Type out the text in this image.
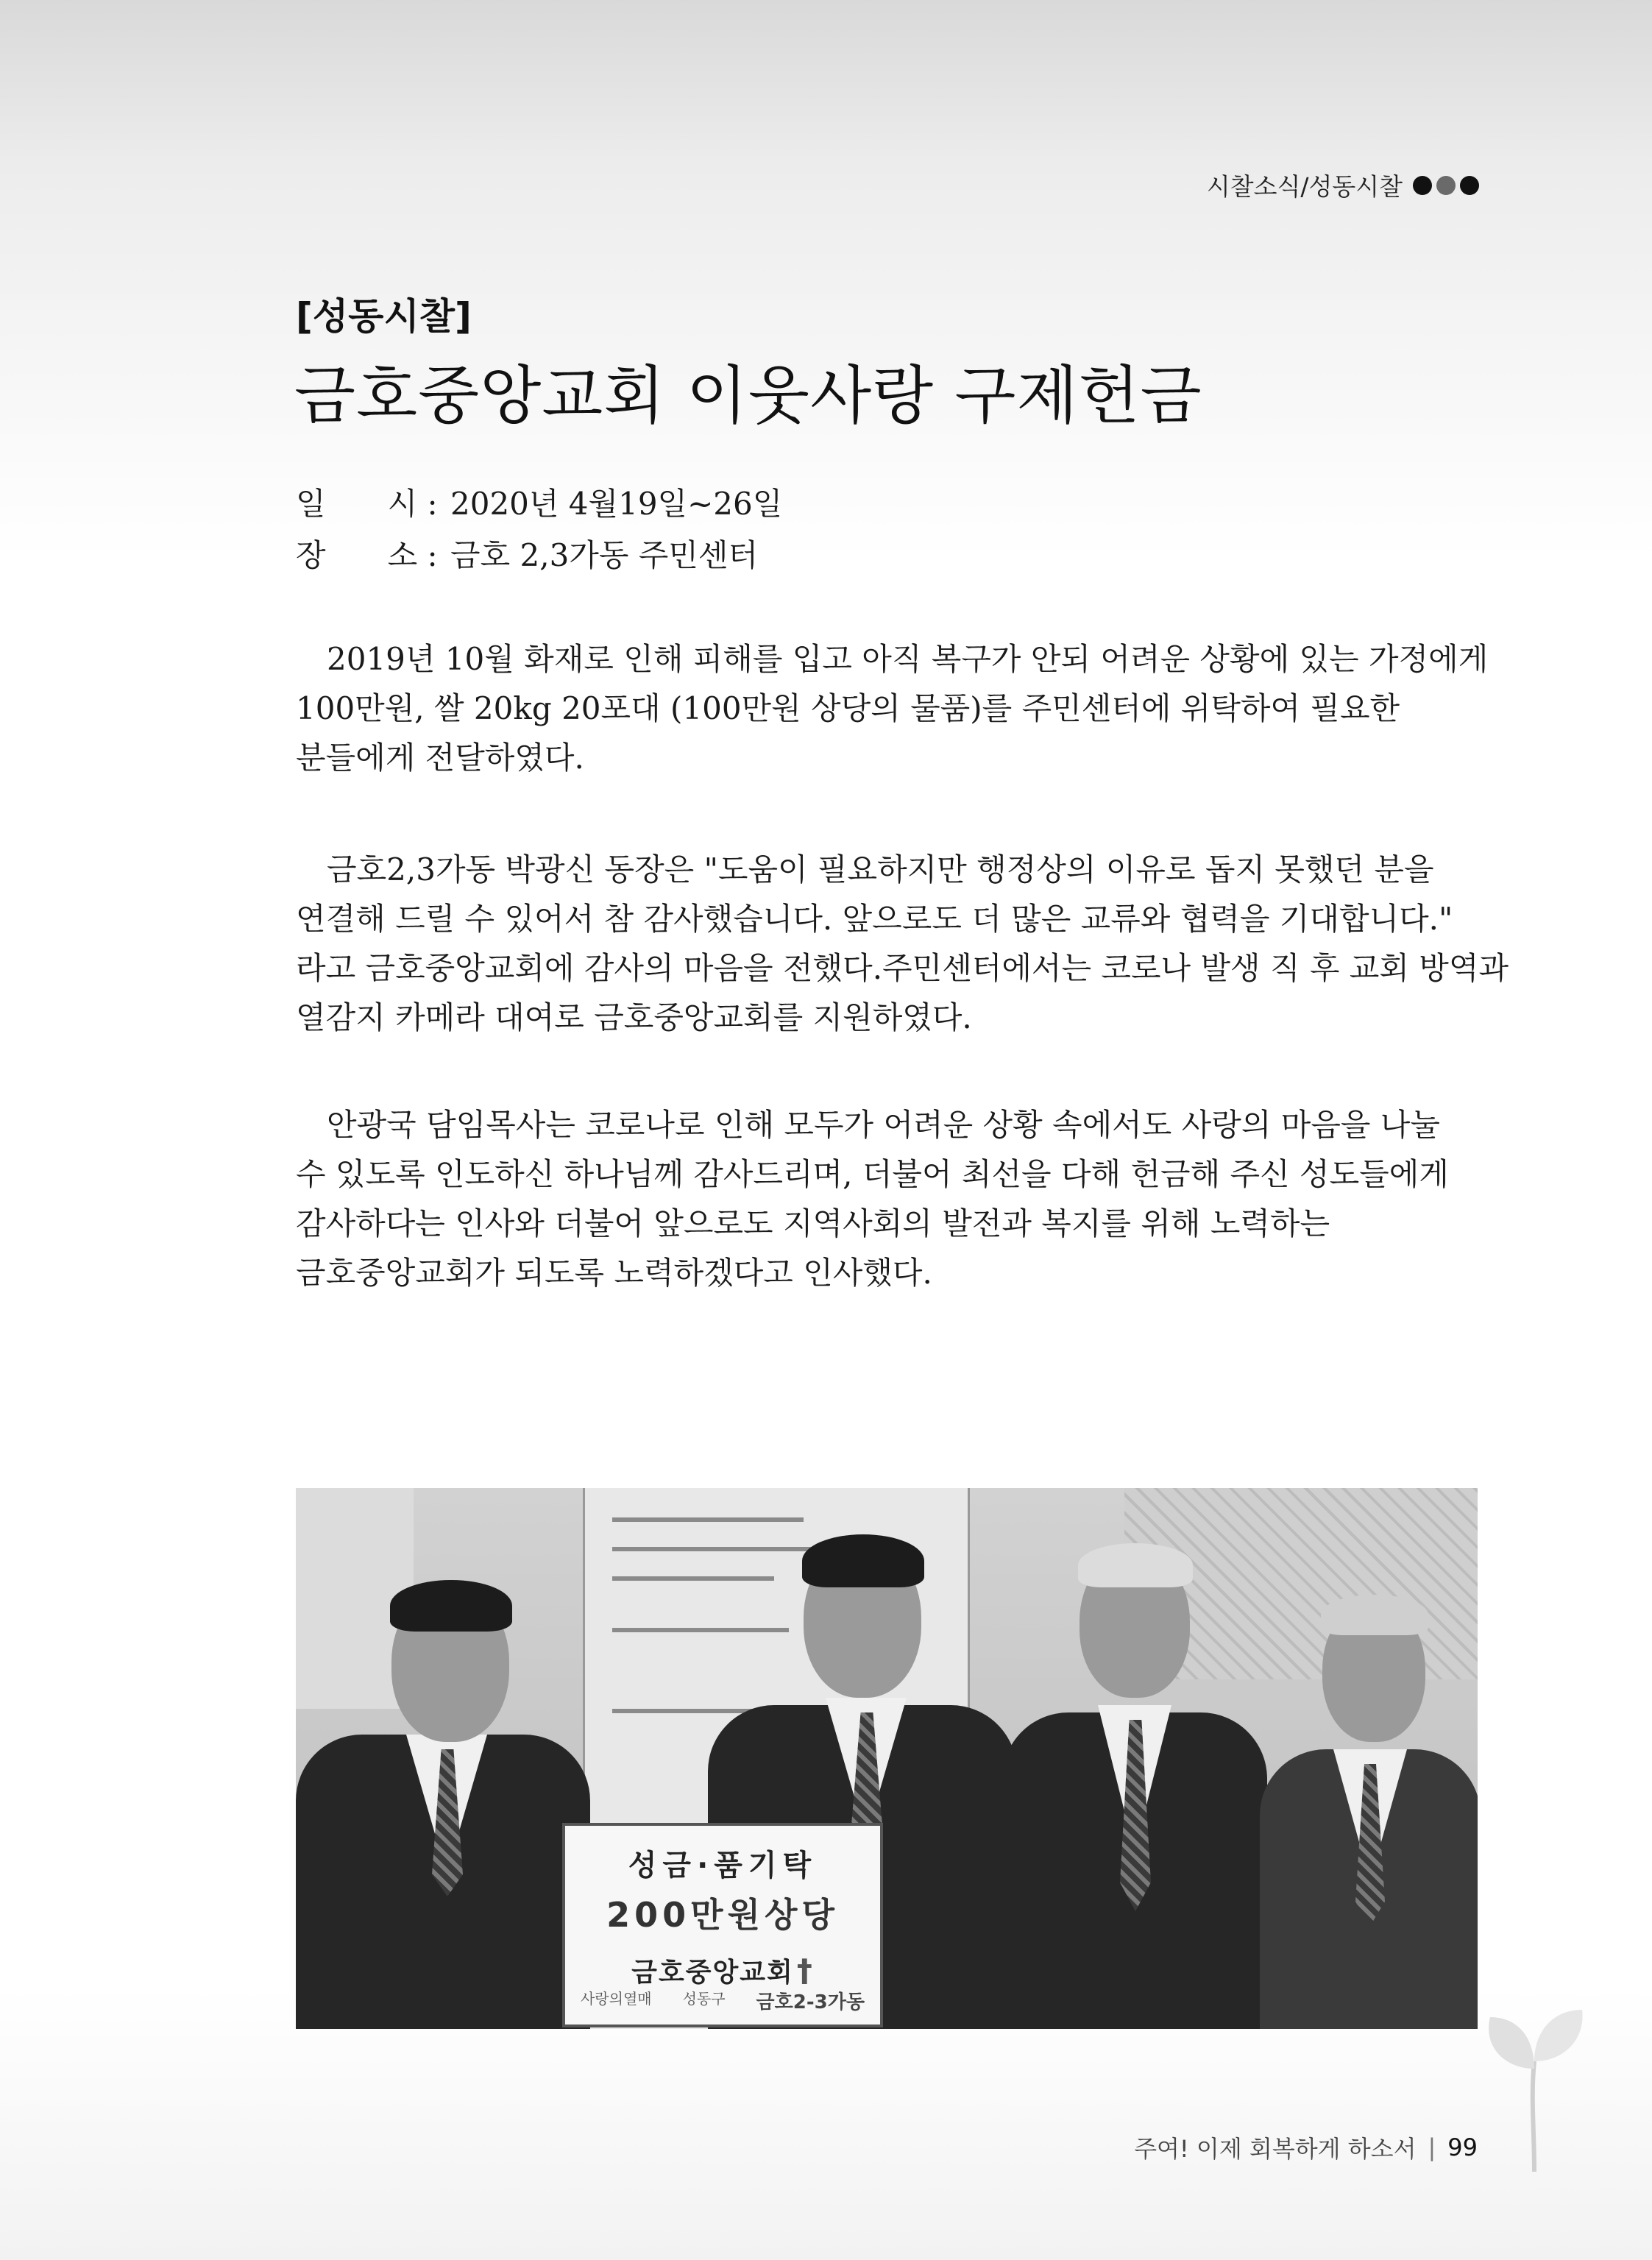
시찰소식/성동시찰
[성동시찰]
금호중앙교회 이웃사랑 구제헌금
일　　시 : 2020년 4월19일~26일
장　　소 : 금호 2,3가동 주민센터
　2019년 10월 화재로 인해 피해를 입고 아직 복구가 안되 어려운 상황에 있는 가정에게
100만원, 쌀 20kg 20포대 (100만원 상당의 물품)를 주민센터에 위탁하여 필요한
분들에게 전달하였다.
　금호2,3가동 박광신 동장은 "도움이 필요하지만 행정상의 이유로 돕지 못했던 분을
연결해 드릴 수 있어서 참 감사했습니다. 앞으로도 더 많은 교류와 협력을 기대합니다."
라고 금호중앙교회에 감사의 마음을 전했다.주민센터에서는 코로나 발생 직 후 교회 방역과
열감지 카메라 대여로 금호중앙교회를 지원하였다.
　안광국 담임목사는 코로나로 인해 모두가 어려운 상황 속에서도 사랑의 마음을 나눌
수 있도록 인도하신 하나님께 감사드리며, 더불어 최선을 다해 헌금해 주신 성도들에게
감사하다는 인사와 더불어 앞으로도 지역사회의 발전과 복지를 위해 노력하는
금호중앙교회가 되도록 노력하겠다고 인사했다.
성금·품기탁
200만원상당
금호중앙교회†
사랑의열매 성동구 금호2-3가동
주여! 이제 회복하게 하소서 | 99
